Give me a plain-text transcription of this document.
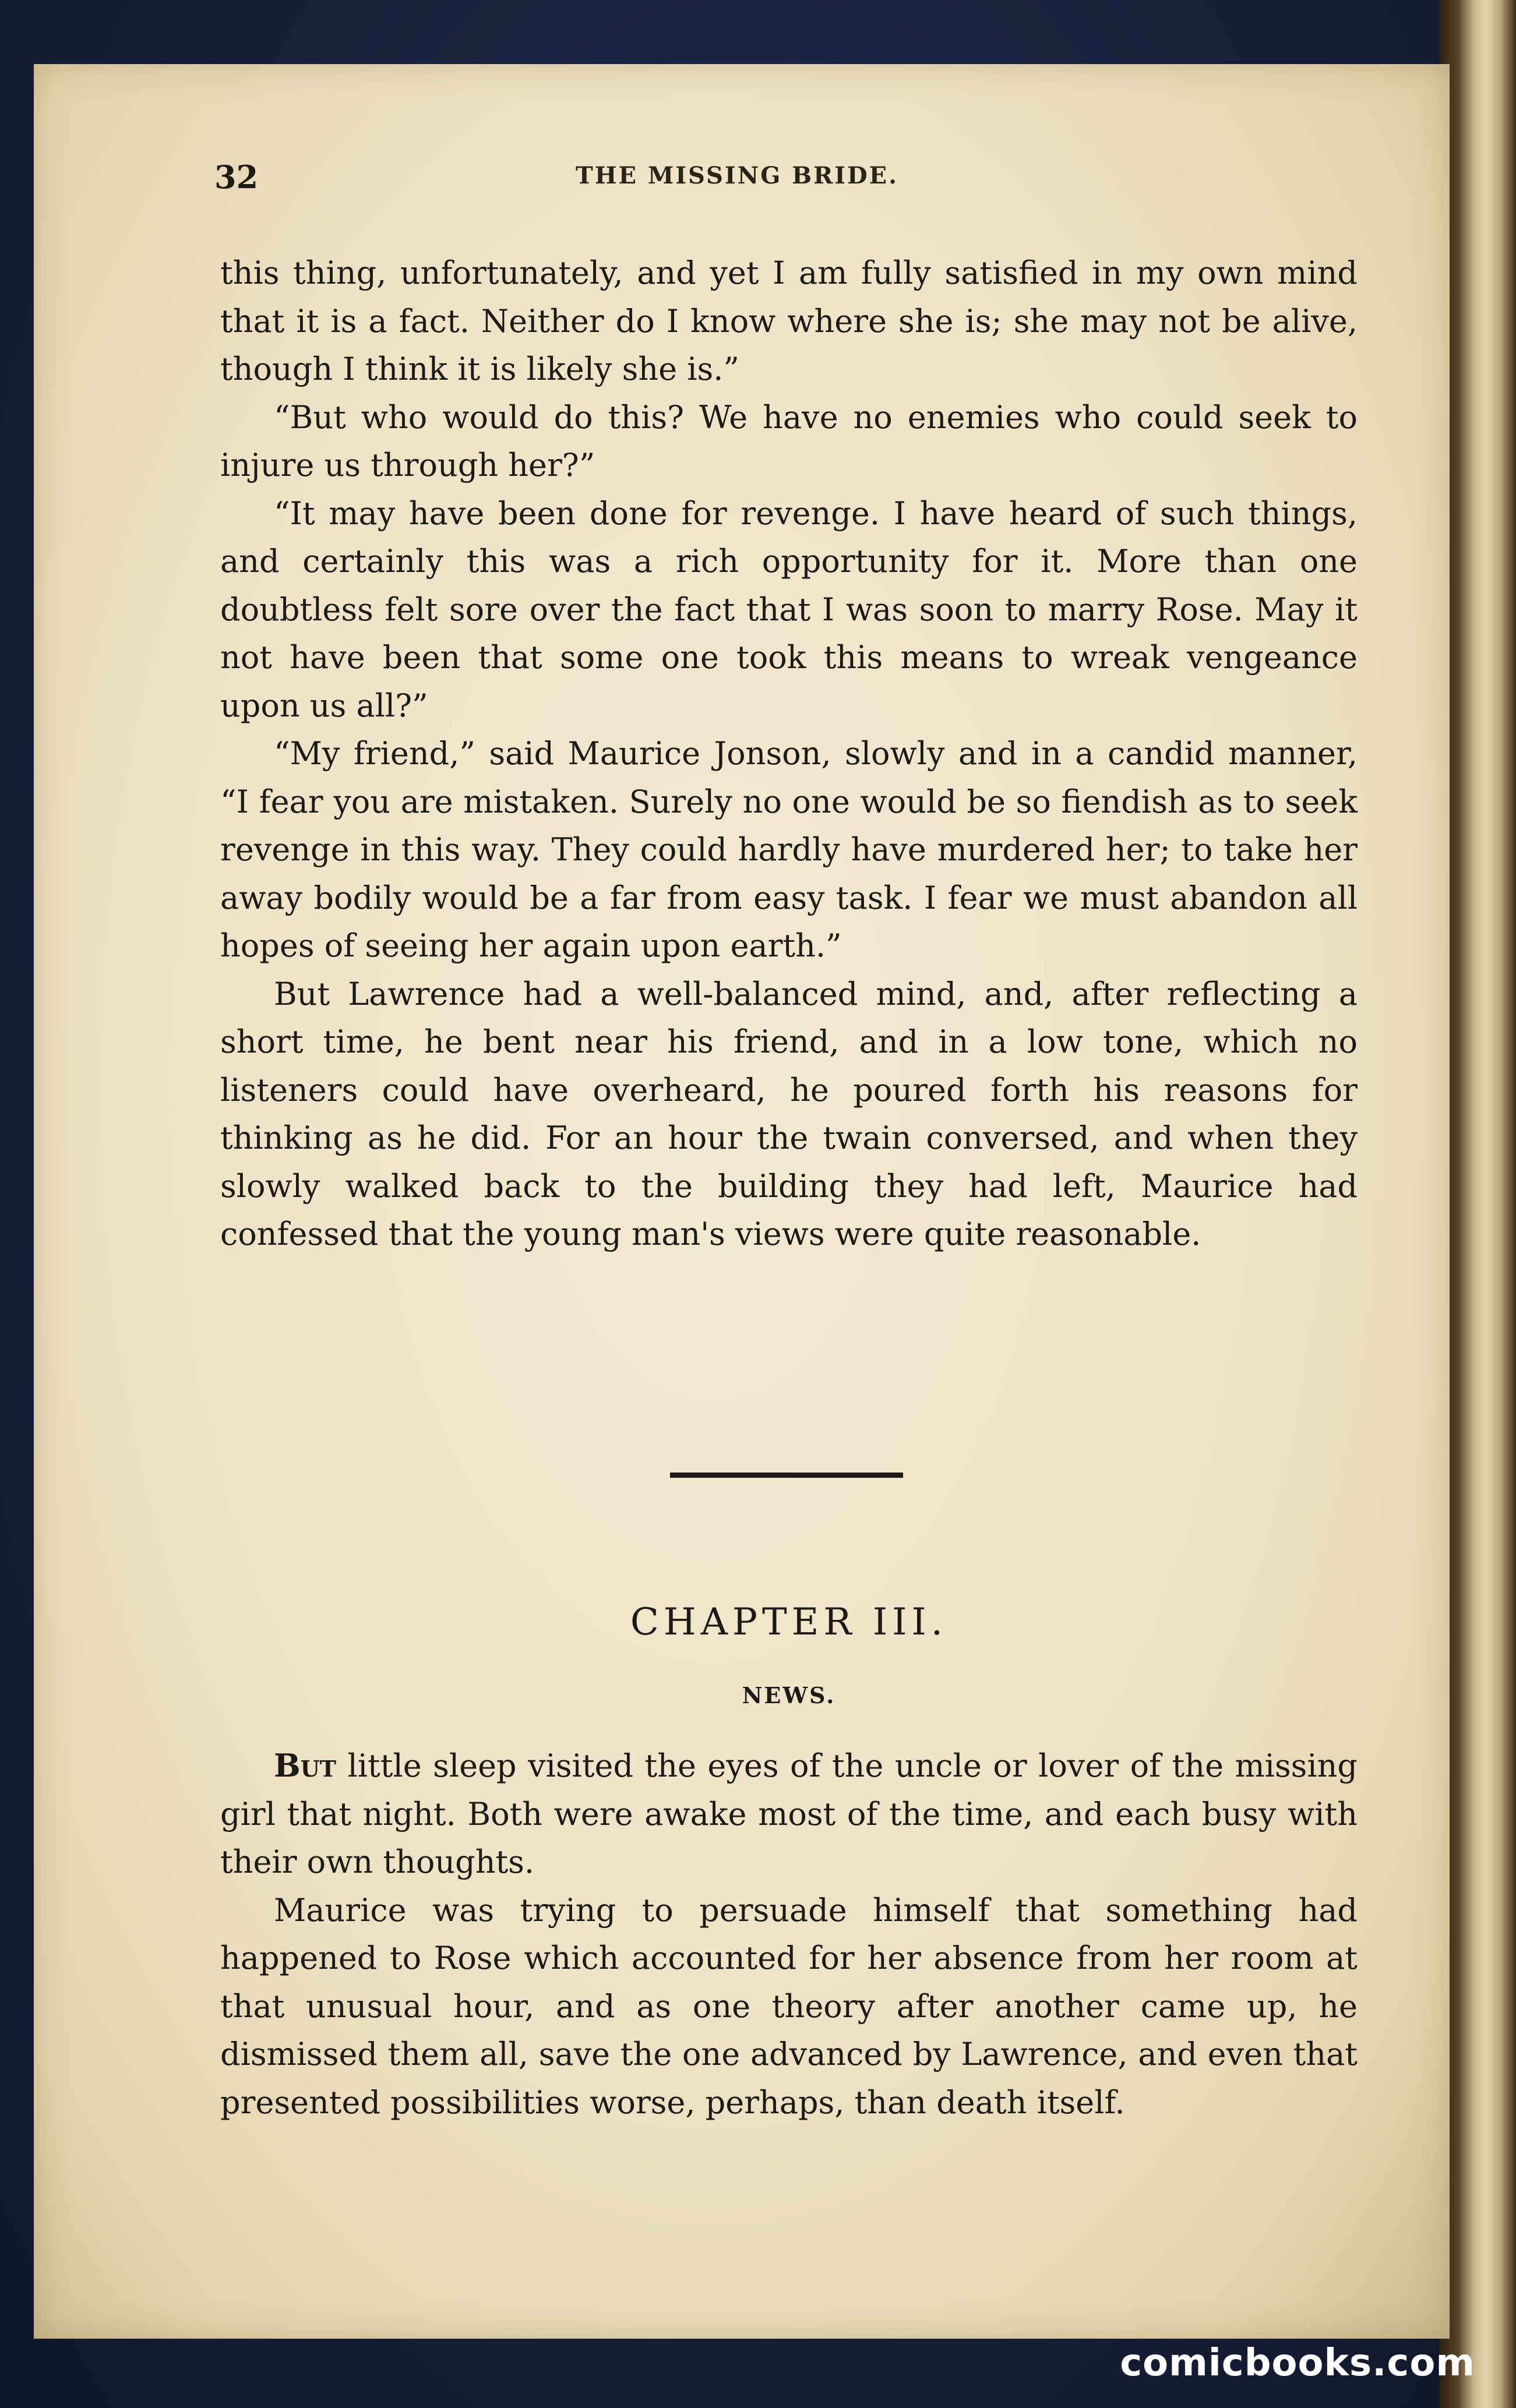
32	THE MISSING BRIDE.

this thing, unfortunately, and yet I am fully satisfied in my own mind that it is a fact. Neither do I know where she is; she may not be alive, though I think it is likely she is.”

“But who would do this? We have no enemies who could seek to injure us through her?”

“It may have been done for revenge. I have heard of such things, and certainly this was a rich opportunity for it. More than one doubtless felt sore over the fact that I was soon to marry Rose. May it not have been that some one took this means to wreak vengeance upon us all?”

“My friend,” said Maurice Jonson, slowly and in a candid manner, “I fear you are mistaken. Surely no one would be so fiendish as to seek revenge in this way. They could hardly have murdered her; to take her away bodily would be a far from easy task. I fear we must abandon all hopes of seeing her again upon earth.”

But Lawrence had a well-balanced mind, and, after reflecting a short time, he bent near his friend, and in a low tone, which no listeners could have overheard, he poured forth his reasons for thinking as he did. For an hour the twain conversed, and when they slowly walked back to the building they had left, Maurice had confessed that the young man's views were quite reasonable.

CHAPTER III.
NEWS.

But little sleep visited the eyes of the uncle or lover of the missing girl that night. Both were awake most of the time, and each busy with their own thoughts.

Maurice was trying to persuade himself that something had happened to Rose which accounted for her absence from her room at that unusual hour, and as one theory after another came up, he dismissed them all, save the one advanced by Lawrence, and even that presented possibilities worse, perhaps, than death itself.

comicbooks.com
